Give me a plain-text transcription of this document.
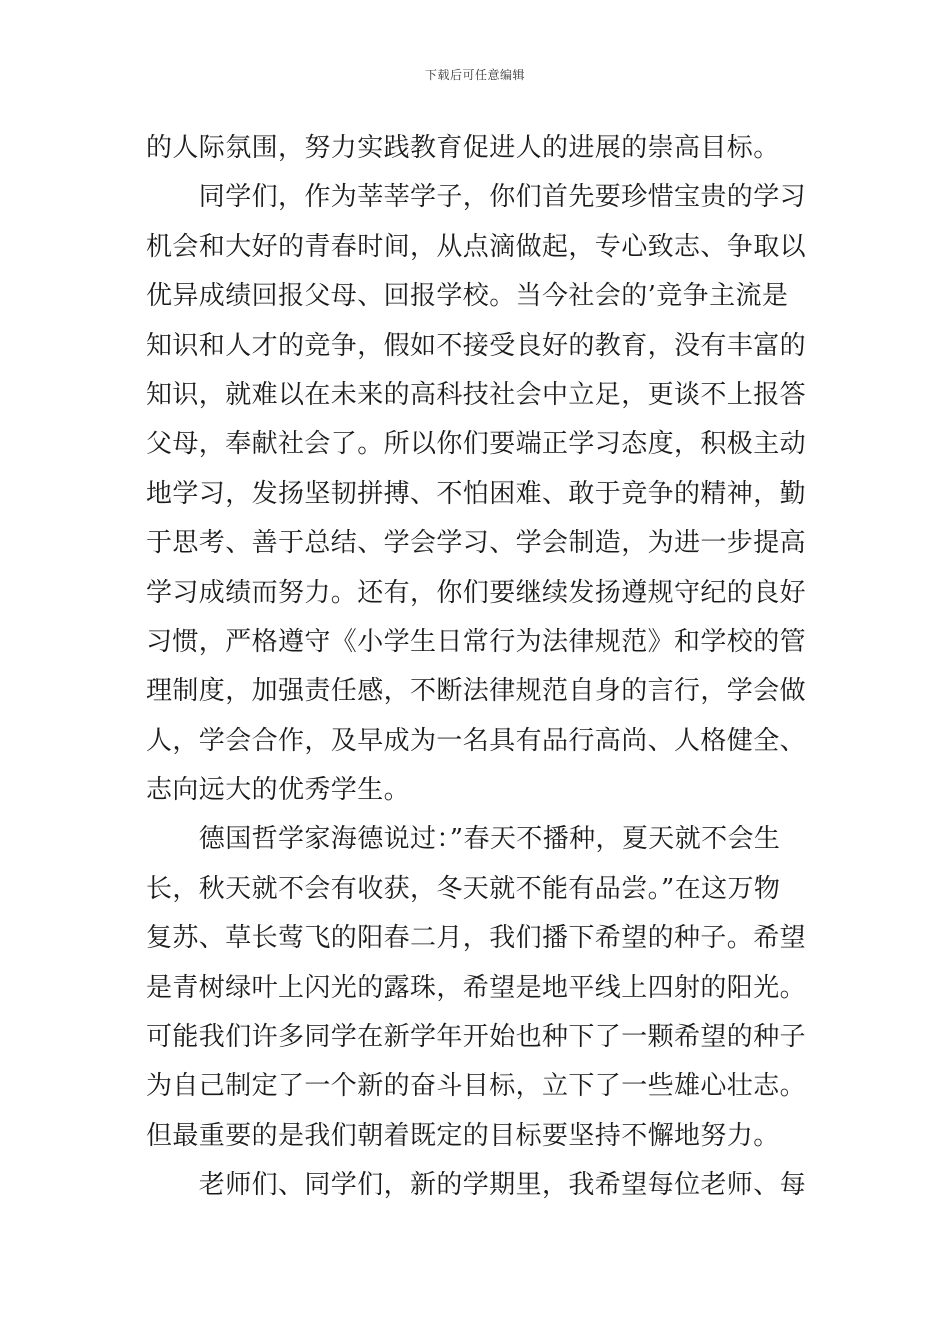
下载后可任意编辑
的人际氛围，努力实践教育促进人的进展的崇高目标。
　　同学们，作为莘莘学子，你们首先要珍惜宝贵的学习
机会和大好的青春时间，从点滴做起，专心致志、争取以
优异成绩回报父母、回报学校。当今社会的’竞争主流是
知识和人才的竞争，假如不接受良好的教育，没有丰富的
知识，就难以在未来的高科技社会中立足，更谈不上报答
父母，奉献社会了。所以你们要端正学习态度，积极主动
地学习，发扬坚韧拼搏、不怕困难、敢于竞争的精神，勤
于思考、善于总结、学会学习、学会制造，为进一步提高
学习成绩而努力。还有，你们要继续发扬遵规守纪的良好
习惯，严格遵守《小学生日常行为法律规范》和学校的管
理制度，加强责任感，不断法律规范自身的言行，学会做
人，学会合作，及早成为一名具有品行高尚、人格健全、
志向远大的优秀学生。
　　德国哲学家海德说过：”春天不播种，夏天就不会生
长，秋天就不会有收获，冬天就不能有品尝。”在这万物
复苏、草长莺飞的阳春二月，我们播下希望的种子。希望
是青树绿叶上闪光的露珠，希望是地平线上四射的阳光。
可能我们许多同学在新学年开始也种下了一颗希望的种子
为自己制定了一个新的奋斗目标，立下了一些雄心壮志。
但最重要的是我们朝着既定的目标要坚持不懈地努力。
　　老师们、同学们，新的学期里，我希望每位老师、每
